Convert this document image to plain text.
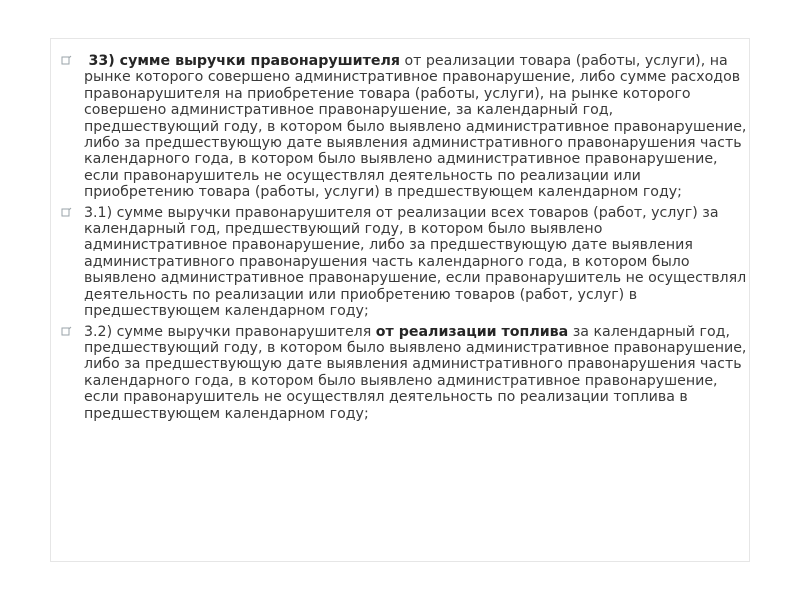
33) сумме выручки правонарушителя от реализации товара (работы, услуги), на рынке которого совершено административное правонарушение, либо сумме расходов правонарушителя на приобретение товара (работы, услуги), на рынке которого совершено административное правонарушение, за календарный год, предшествующий году, в котором было выявлено административное правонарушение, либо за предшествующую дате выявления административного правонарушения часть календарного года, в котором было выявлено административное правонарушение, если правонарушитель не осуществлял деятельность по реализации или приобретению товара (работы, услуги) в предшествующем календарном году;
3.1) сумме выручки правонарушителя от реализации всех товаров (работ, услуг) за календарный год, предшествующий году, в котором было выявлено административное правонарушение, либо за предшествующую дате выявления административного правонарушения часть календарного года, в котором было выявлено административное правонарушение, если правонарушитель не осуществлял деятельность по реализации или приобретению товаров (работ, услуг) в предшествующем календарном году;
3.2) сумме выручки правонарушителя от реализации топлива за календарный год, предшествующий году, в котором было выявлено административное правонарушение, либо за предшествующую дате выявления административного правонарушения часть календарного года, в котором было выявлено административное правонарушение, если правонарушитель не осуществлял деятельность по реализации топлива в предшествующем календарном году;
